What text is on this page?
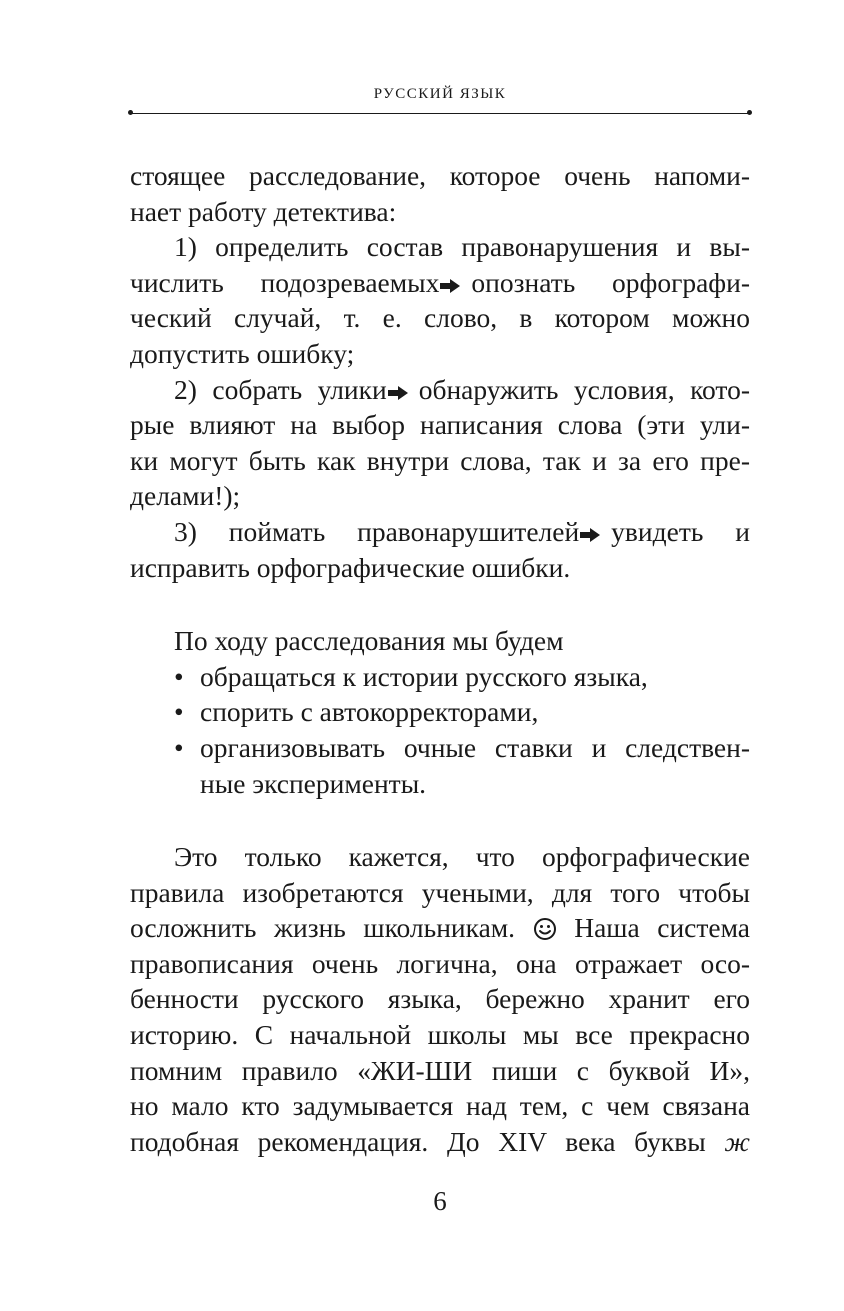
РУССКИЙ ЯЗЫК
стоящее расследование, которое очень напоми-
нает работу детектива:
1) определить состав правонарушения и вы-
числить подозреваемых опознать орфографи-
ческий случай, т. е. слово, в котором можно
допустить ошибку;
2) собрать улики обнаружить условия, кото-
рые влияют на выбор написания слова (эти ули-
ки могут быть как внутри слова, так и за его пре-
делами!);
3) поймать правонарушителей увидеть и
исправить орфографические ошибки.
По ходу расследования мы будем
• обращаться к истории русского языка,
• спорить с автокорректорами,
• организовывать очные ставки и следствен-
ные эксперименты.
Это только кажется, что орфографические
правила изобретаются учеными, для того чтобы
осложнить жизнь школьникам. Наша система
правописания очень логична, она отражает осо-
бенности русского языка, бережно хранит его
историю. С начальной школы мы все прекрасно
помним правило «ЖИ-ШИ пиши с буквой И»,
но мало кто задумывается над тем, с чем связана
подобная рекомендация. До XIV века буквы ж
6
